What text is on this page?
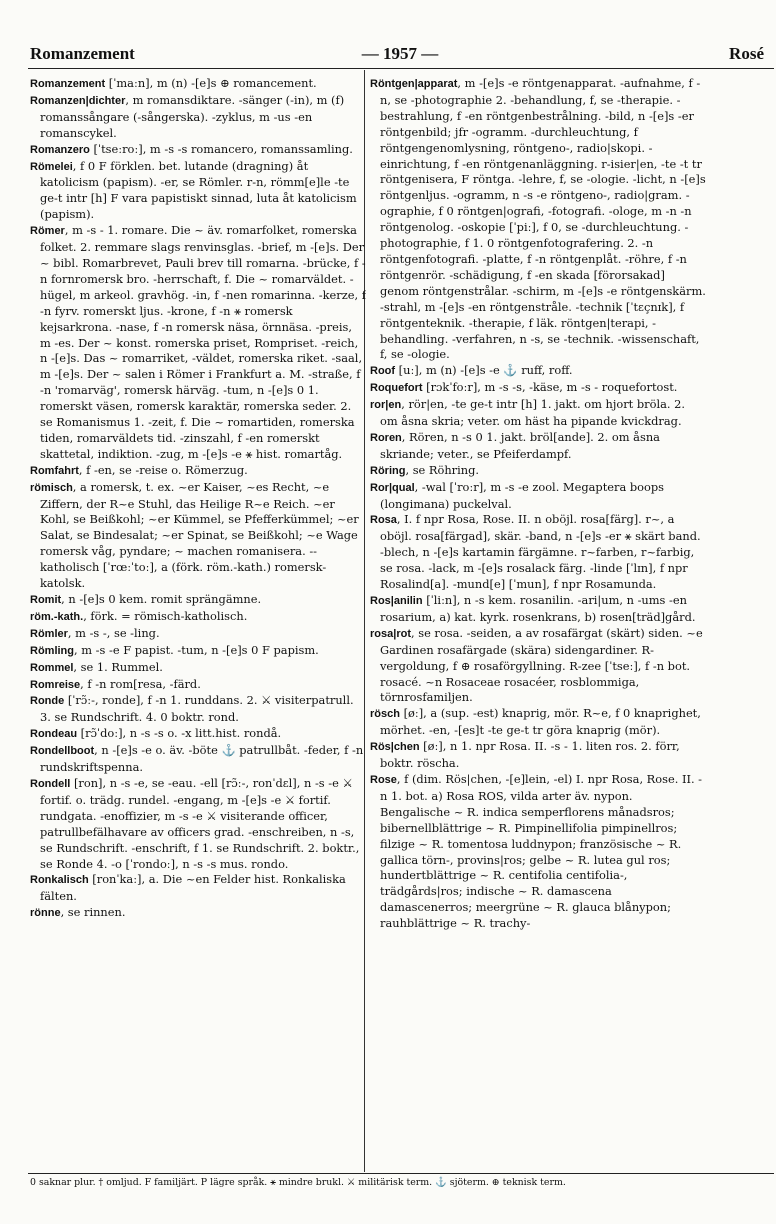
Romanzement	— 1957 —	Rosé

Romanzement [ˈmaːn], m (n) -[e]s ⊕ romancement.

Romanzen|dichter, m romansdiktare. -sänger (-in), m (f) romanssångare (-sångerska). -zyklus, m -us -en romanscykel.

Romanzero [ˈtseːroː], m -s -s romancero, romanssamling.

Römelei, f 0 F förklen. bet. lutande (dragning) åt katolicism (papism). -er, se Römler. r-n, römm[e]le -te ge-t intr [h] F vara papistiskt sinnad, luta åt katolicism (papism).

Römer, m -s - 1. romare. Die ~ äv. romarfolket, romerska folket. 2. remmare slags renvinsglas. -brief, m -[e]s. Der ~ bibl. Romarbrevet, Pauli brev till romarna. -brücke, f -n fornromersk bro. -herrschaft, f. Die ~ romarväldet. -hügel, m arkeol. gravhög. -in, f -nen romarinna. -kerze, f -n fyrv. romerskt ljus. -krone, f -n ⚹ romersk kejsarkrona. -nase, f -n romersk näsa, örnnäsa. -preis, m -es. Der ~ konst. romerska priset, Rompriset. -reich, n -[e]s. Das ~ romarriket, -väldet, romerska riket. -saal, m -[e]s. Der ~ salen i Römer i Frankfurt a. M. -straße, f -n 'romarväg', romersk härväg. -tum, n -[e]s 0 1. romerskt väsen, romersk karaktär, romerska seder. 2. se Romanismus 1. -zeit, f. Die ~ romartiden, romerska tiden, romarväldets tid. -zinszahl, f -en romerskt skattetal, indiktion. -zug, m -[e]s -e ⚹ hist. romartåg.

Romfahrt, f -en, se -reise o. Römerzug.

römisch, a romersk, t. ex. ~er Kaiser, ~es Recht, ~e Ziffern, der R~e Stuhl, das Heilige R~e Reich. ~er Kohl, se Beißkohl; ~er Kümmel, se Pfefferkümmel; ~er Salat, se Bindesalat; ~er Spinat, se Beißkohl; ~e Wage romersk våg, pyndare; ~ machen romanisera. --katholisch [ˈrœːˈtoː], a (förk. röm.-kath.) romersk-katolsk.

Romit, n -[e]s 0 kem. romit sprängämne.

röm.-kath., förk. = römisch-katholisch.

Römler, m -s -, se -ling.

Römling, m -s -e F papist. -tum, n -[e]s 0 F papism.

Rommel, se 1. Rummel.

Romreise, f -n rom[resa, -färd.

Ronde [ˈrɔ̃ː-, ronde], f -n 1. runddans. 2. ⚔ visiterpatrull. 3. se Rundschrift. 4. 0 boktr. rond.

Rondeau [rɔ̃ˈdoː], n -s -s o. -x litt.hist. rondå.

Rondellboot, n -[e]s -e o. äv. -böte ⚓ patrullbåt. -feder, f -n rundskriftspenna.

Rondell [ron], n -s -e, se -eau. -ell [rɔ̃ː-, ronˈdɛl], n -s -e ⚔ fortif. o. trädg. rundel. -engang, m -[e]s -e ⚔ fortif. rundgata. -enoffizier, m -s -e ⚔ visiterande officer, patrullbefälhavare av officers grad. -enschreiben, n -s, se Rundschrift. -enschrift, f 1. se Rundschrift. 2. boktr., se Ronde 4. -o [ˈrondoː], n -s -s mus. rondo.

Ronkalisch [ronˈkaː], a. Die ~en Felder hist. Ronkaliska fälten.

rönne, se rinnen.

Röntgen|apparat, m -[e]s -e röntgenapparat. -aufnahme, f -n, se -photographie 2. -behandlung, f, se -therapie. -bestrahlung, f -en röntgenbestrålning. -bild, n -[e]s -er röntgenbild; jfr -ogramm. -durchleuchtung, f röntgengenomlysning, röntgeno-, radio|skopi. -einrichtung, f -en röntgenanläggning. r-isier|en, -te -t tr röntgenisera, F röntga. -lehre, f, se -ologie. -licht, n -[e]s röntgenljus. -ogramm, n -s -e röntgeno-, radio|gram. -ographie, f 0 röntgen|ografi, -fotografi. -ologe, m -n -n röntgenolog. -oskopie [ˈpiː], f 0, se -durchleuchtung. -photographie, f 1. 0 röntgenfotografering. 2. -n röntgenfotografi. -platte, f -n röntgenplåt. -röhre, f -n röntgenrör. -schädigung, f -en skada [förorsakad] genom röntgenstrålar. -schirm, m -[e]s -e röntgenskärm. -strahl, m -[e]s -en röntgenstråle. -technik [ˈtɛçnɪk], f röntgenteknik. -therapie, f läk. röntgen|terapi, -behandling. -verfahren, n -s, se -technik. -wissenschaft, f, se -ologie.

Roof [uː], m (n) -[e]s -e ⚓ ruff, roff.

Roquefort [rɔkˈfoːr], m -s -s, -käse, m -s - roquefortost.

ror|en, rör|en, -te ge-t intr [h] 1. jakt. om hjort bröla. 2. om åsna skria; veter. om häst ha pipande kvickdrag.

Roren, Rören, n -s 0 1. jakt. bröl[ande]. 2. om åsna skriande; veter., se Pfeiferdampf.

Röring, se Röhring.

Ror|qual, -wal [ˈroːr], m -s -e zool. Megaptera boops (longimana) puckelval.

Rosa, I. f npr Rosa, Rose. II. n oböjl. rosa[färg]. r~, a oböjl. rosa[färgad], skär. -band, n -[e]s -er ⚹ skärt band. -blech, n -[e]s kartamin färgämne. r~farben, r~farbig, se rosa. -lack, m -[e]s rosalack färg. -linde [ˈlɪn], f npr Rosalind[a]. -mund[e] [ˈmun], f npr Rosamunda.

Ros|anilin [ˈliːn], n -s kem. rosanilin. -ari|um, n -ums -en rosarium, a) kat. kyrk. rosenkrans, b) rosen[träd]gård.

rosa|rot, se rosa. -seiden, a av rosafärgat (skärt) siden. ~e Gardinen rosafärgade (skära) sidengardiner. R-vergoldung, f ⊕ rosaförgyllning. R-zee [ˈtseː], f -n bot. rosacé. ~n Rosaceae rosacéer, rosblommiga, törnrosfamiljen.

rösch [øː], a (sup. -est) knaprig, mör. R~e, f 0 knaprighet, mörhet. -en, -[es]t -te ge-t tr göra knaprig (mör).

Rös|chen [øː], n 1. npr Rosa. II. -s - 1. liten ros. 2. förr, boktr. röscha.

Rose, f (dim. Rös|chen, -[e]lein, -el) I. npr Rosa, Rose. II. -n 1. bot. a) Rosa ROS, vilda arter äv. nypon. Bengalische ~ R. indica semperflorens månadsros; bibernellblättrige ~ R. Pimpinellifolia pimpinellros; filzige ~ R. tomentosa luddnypon; französische ~ R. gallica törn-, provins|ros; gelbe ~ R. lutea gul ros; hundertblättrige ~ R. centifolia centifolia-, trädgårds|ros; indische ~ R. damascena damascenerros; meergrüne ~ R. glauca blånypon; rauhblättrige ~ R. trachy-

0 saknar plur. † omljud. F familjärt. P lägre språk. ⚹ mindre brukl. ⚔ militärisk term. ⚓ sjöterm. ⊕ teknisk term.
